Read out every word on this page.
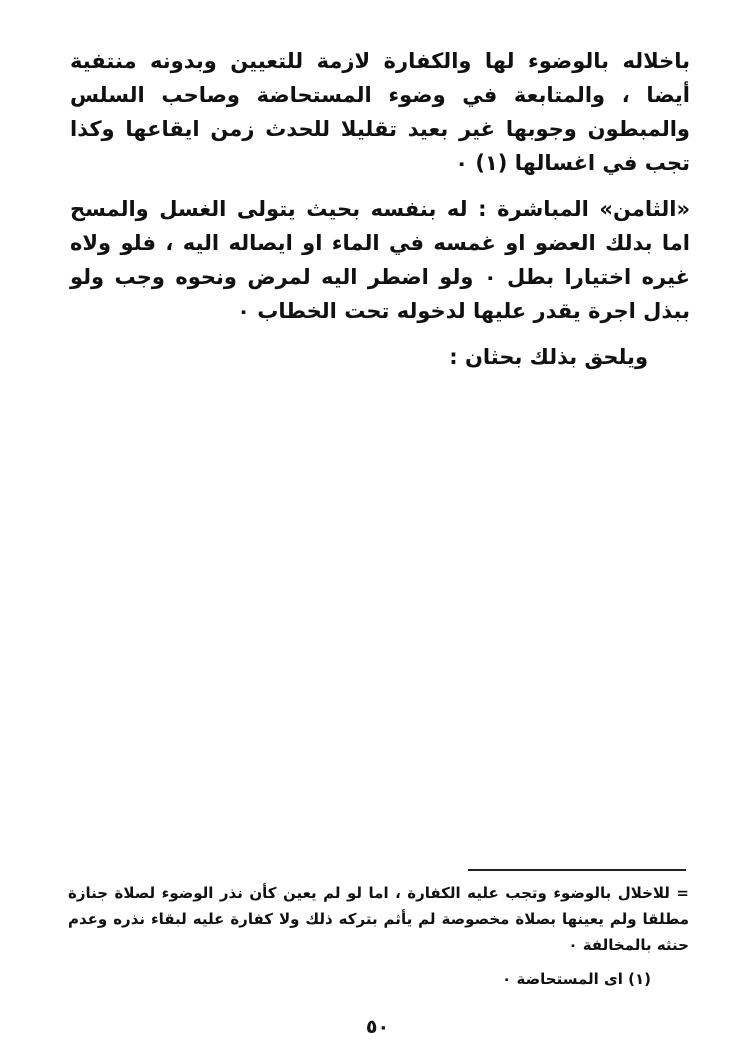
باخلاله بالوضوء لها والكفارة لازمة للتعيين وبدونه منتفية أيضا ، والمتابعة في وضوء المستحاضة وصاحب السلس والمبطون وجوبها غير بعيد تقليلا للحدث زمن ايقاعها وكذا تجب في اغسالها (١) ٠

«الثامن» المباشرة : له بنفسه بحيث يتولى الغسل والمسح اما بدلك العضو او غمسه في الماء او ايصاله اليه ، فلو ولاه غيره اختيارا بطل ٠ ولو اضطر اليه لمرض ونحوه وجب ولو ببذل اجرة يقدر عليها لدخوله تحت الخطاب ٠

ويلحق بذلك بحثان :

= للاخلال بالوضوء وتجب عليه الكفارة ، اما لو لم يعين كأن نذر الوضوء لصلاة جنازة مطلقا ولم يعينها بصلاة مخصوصة لم يأثم بتركه ذلك ولا كفارة عليه لبقاء نذره وعدم حنثه بالمخالفة ٠

(١) اى المستحاضة ٠

٥٠
